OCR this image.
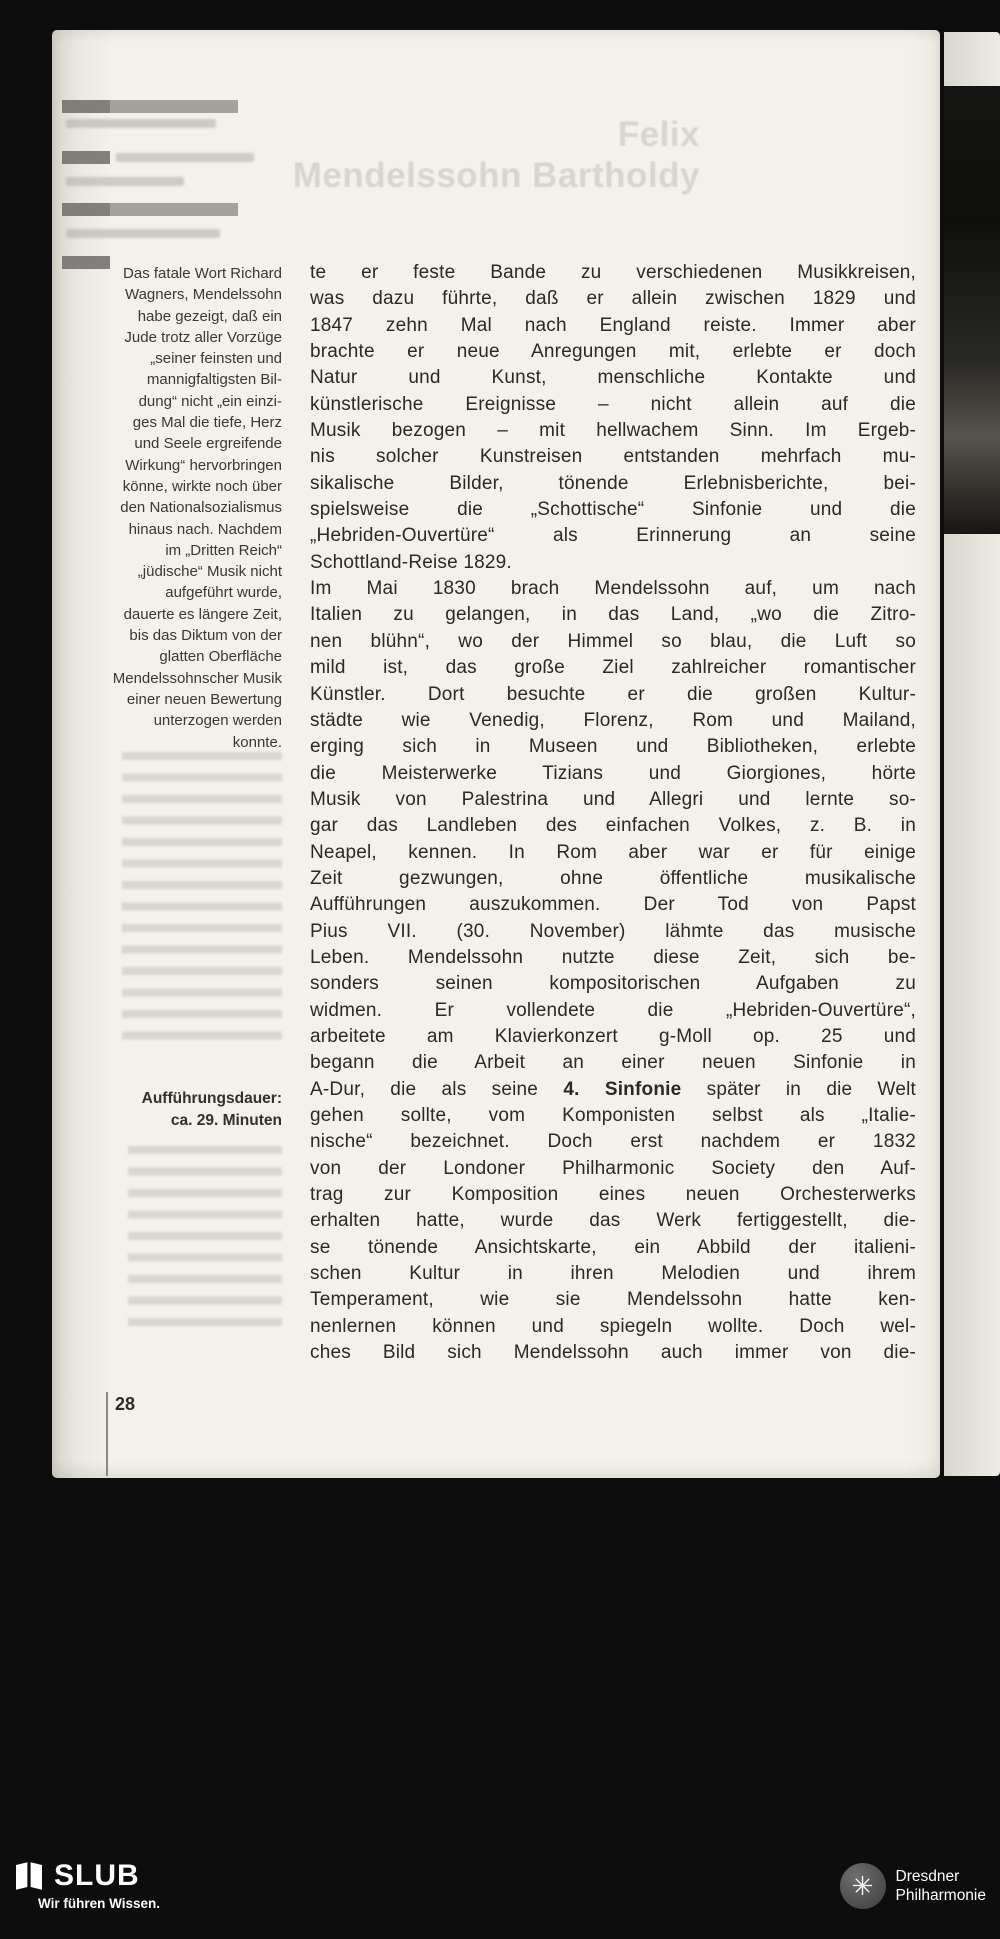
Felix
Mendelssohn Bartholdy
Das fatale Wort Richard
Wagners, Mendelssohn
habe gezeigt, daß ein
Jude trotz aller Vorzüge
„seiner feinsten und
mannigfaltigsten Bil-
dung“ nicht „ein einzi-
ges Mal die tiefe, Herz
und Seele ergreifende
Wirkung“ hervorbringen
könne, wirkte noch über
den Nationalsozialismus
hinaus nach. Nachdem
im „Dritten Reich“
„jüdische“ Musik nicht
aufgeführt wurde,
dauerte es längere Zeit,
bis das Diktum von der
glatten Oberfläche
Mendelssohnscher Musik
einer neuen Bewertung
unterzogen werden
konnte.
Aufführungsdauer:
ca. 29. Minuten
te er feste Bande zu verschiedenen Musikkreisen,
was dazu führte, daß er allein zwischen 1829 und
1847 zehn Mal nach England reiste. Immer aber
brachte er neue Anregungen mit, erlebte er doch
Natur und Kunst, menschliche Kontakte und
künstlerische Ereignisse – nicht allein auf die
Musik bezogen – mit hellwachem Sinn. Im Ergeb-
nis solcher Kunstreisen entstanden mehrfach mu-
sikalische Bilder, tönende Erlebnisberichte, bei-
spielsweise die „Schottische“ Sinfonie und die
„Hebriden-Ouvertüre“ als Erinnerung an seine
Schottland-Reise 1829.
Im Mai 1830 brach Mendelssohn auf, um nach
Italien zu gelangen, in das Land, „wo die Zitro-
nen blühn“, wo der Himmel so blau, die Luft so
mild ist, das große Ziel zahlreicher romantischer
Künstler. Dort besuchte er die großen Kultur-
städte wie Venedig, Florenz, Rom und Mailand,
erging sich in Museen und Bibliotheken, erlebte
die Meisterwerke Tizians und Giorgiones, hörte
Musik von Palestrina und Allegri und lernte so-
gar das Landleben des einfachen Volkes, z. B. in
Neapel, kennen. In Rom aber war er für einige
Zeit gezwungen, ohne öffentliche musikalische
Aufführungen auszukommen. Der Tod von Papst
Pius VII. (30. November) lähmte das musische
Leben. Mendelssohn nutzte diese Zeit, sich be-
sonders seinen kompositorischen Aufgaben zu
widmen. Er vollendete die „Hebriden-Ouvertüre“,
arbeitete am Klavierkonzert g-Moll op. 25 und
begann die Arbeit an einer neuen Sinfonie in
A-Dur, die als seine 4. Sinfonie später in die Welt
gehen sollte, vom Komponisten selbst als „Italie-
nische“ bezeichnet. Doch erst nachdem er 1832
von der Londoner Philharmonic Society den Auf-
trag zur Komposition eines neuen Orchesterwerks
erhalten hatte, wurde das Werk fertiggestellt, die-
se tönende Ansichtskarte, ein Abbild der italieni-
schen Kultur in ihren Melodien und ihrem
Temperament, wie sie Mendelssohn hatte ken-
nenlernen können und spiegeln wollte. Doch wel-
ches Bild sich Mendelssohn auch immer von die-
28
SLUB
Wir führen Wissen.
✳ Dresdner
Philharmonie
